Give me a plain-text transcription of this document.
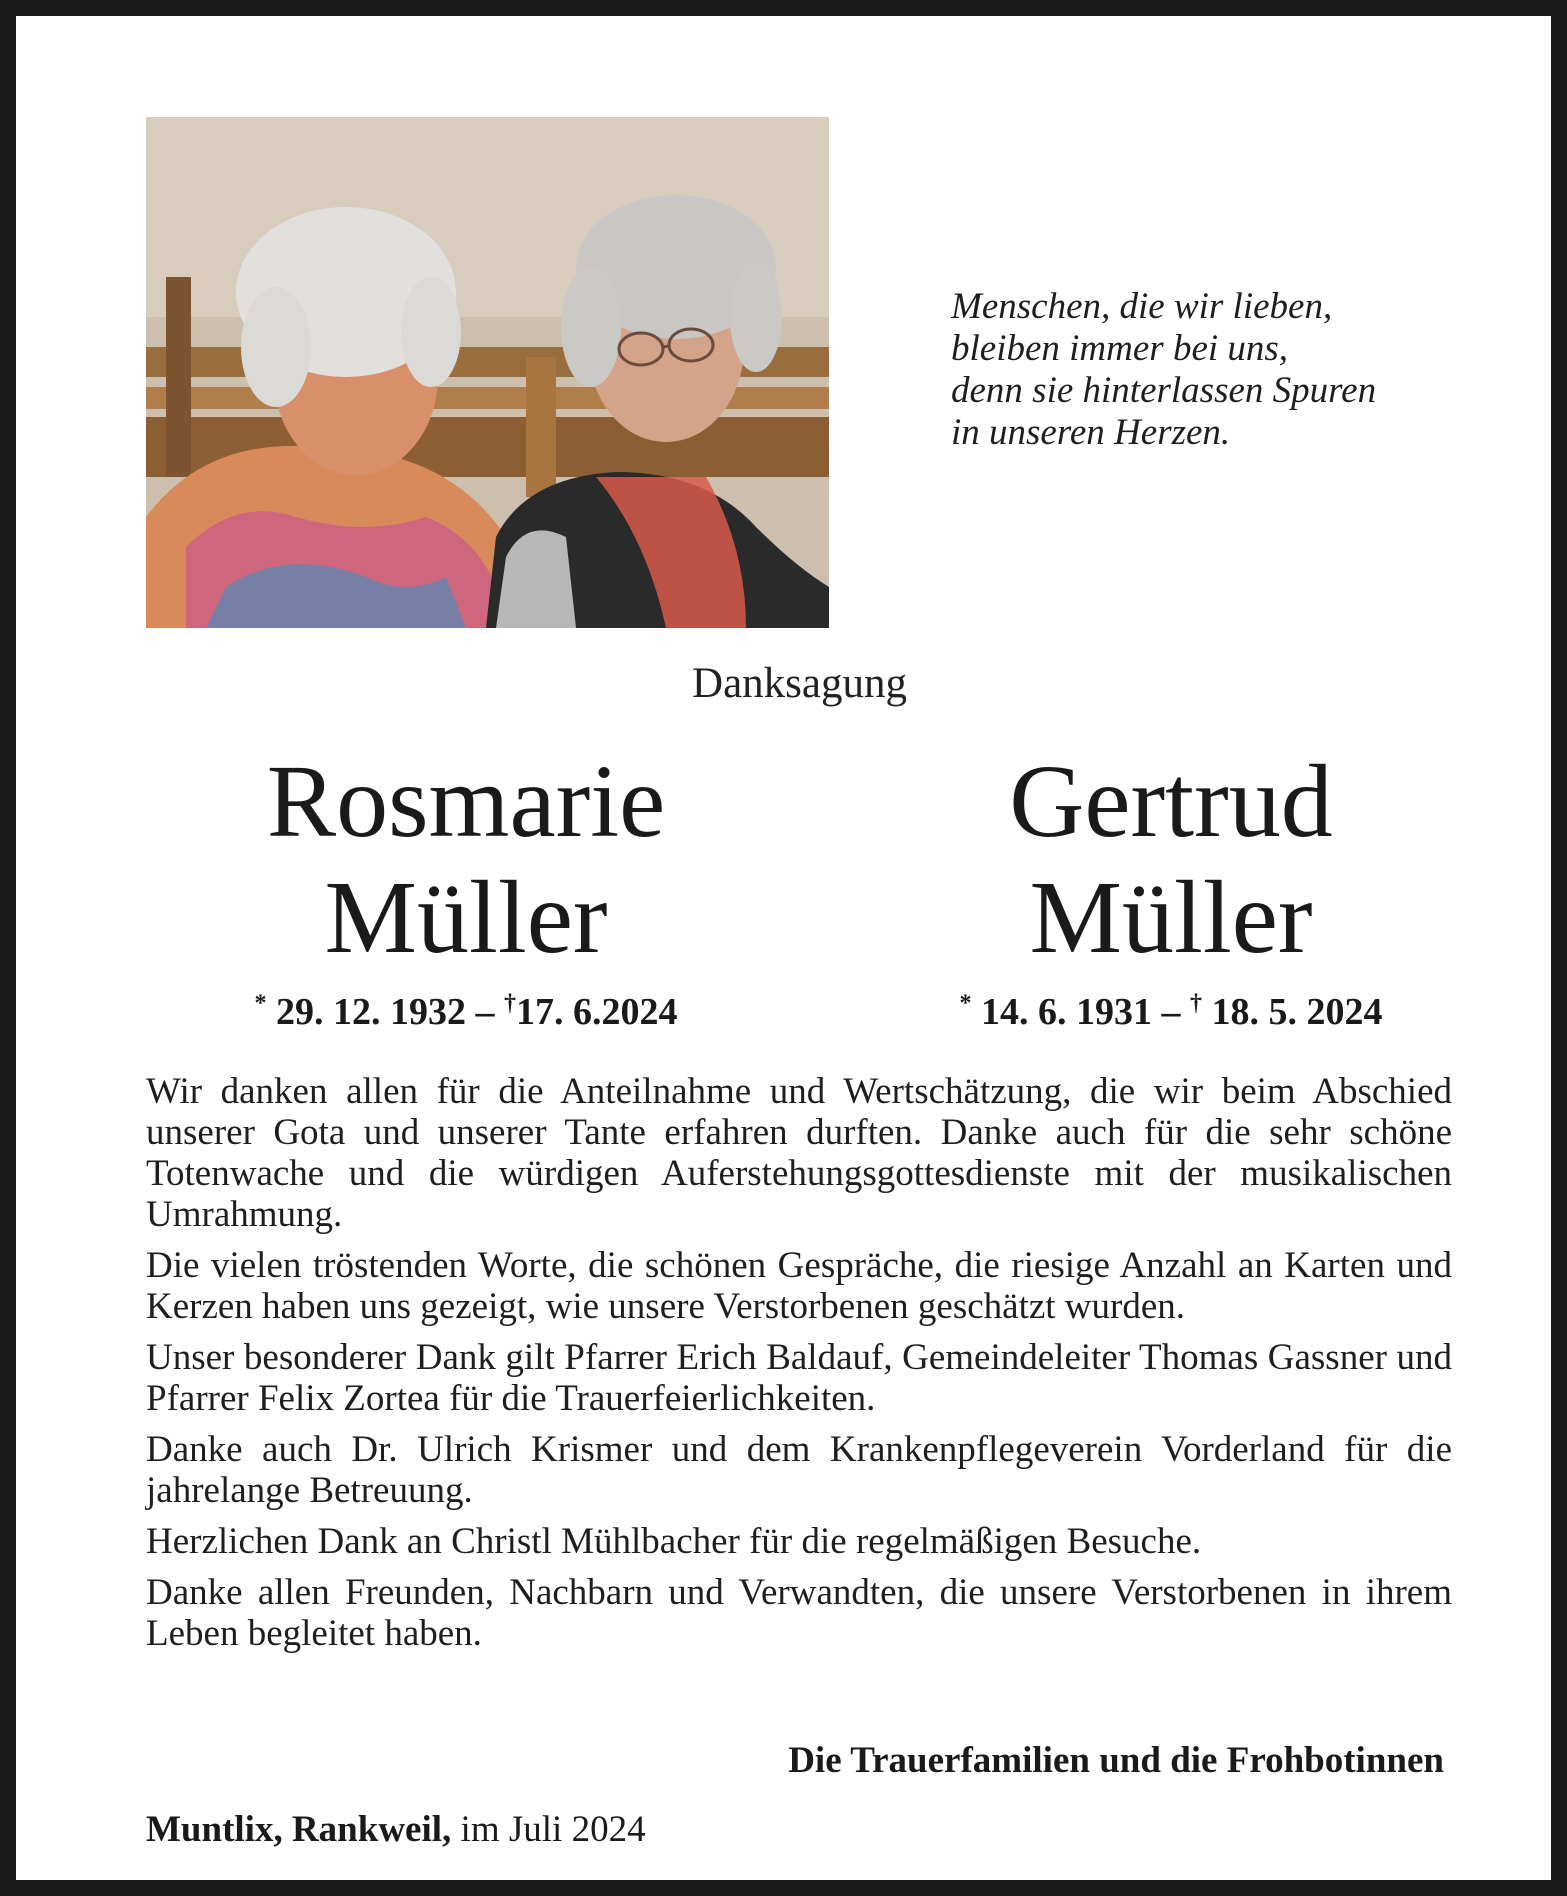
Menschen, die wir lieben,
bleiben immer bei uns,
denn sie hinterlassen Spuren
in unseren Herzen.
Danksagung
Rosmarie
Müller
* 29. 12. 1932 – †17. 6.2024
Gertrud
Müller
* 14. 6. 1931 – † 18. 5. 2024

Wir danken allen für die Anteilnahme und Wertschätzung, die wir beim Abschied unserer Gota und unserer Tante erfahren durften. Danke auch für die sehr schöne Totenwache und die würdigen Auferstehungsgottesdienste mit der musikalischen Umrahmung.

Die vielen tröstenden Worte, die schönen Gespräche, die riesige Anzahl an Karten und Kerzen haben uns gezeigt, wie unsere Verstorbenen geschätzt wurden.

Unser besonderer Dank gilt Pfarrer Erich Baldauf, Gemeindeleiter Thomas Gassner und Pfarrer Felix Zortea für die Trauerfeierlichkeiten.

Danke auch Dr. Ulrich Krismer und dem Krankenpflegeverein Vorderland für die jahrelange Betreuung.

Herzlichen Dank an Christl Mühlbacher für die regelmäßigen Besuche.

Danke allen Freunden, Nachbarn und Verwandten, die unsere Verstorbenen in ihrem Leben begleitet haben.

Die Trauerfamilien und die Frohbotinnen
Muntlix, Rankweil, im Juli 2024
